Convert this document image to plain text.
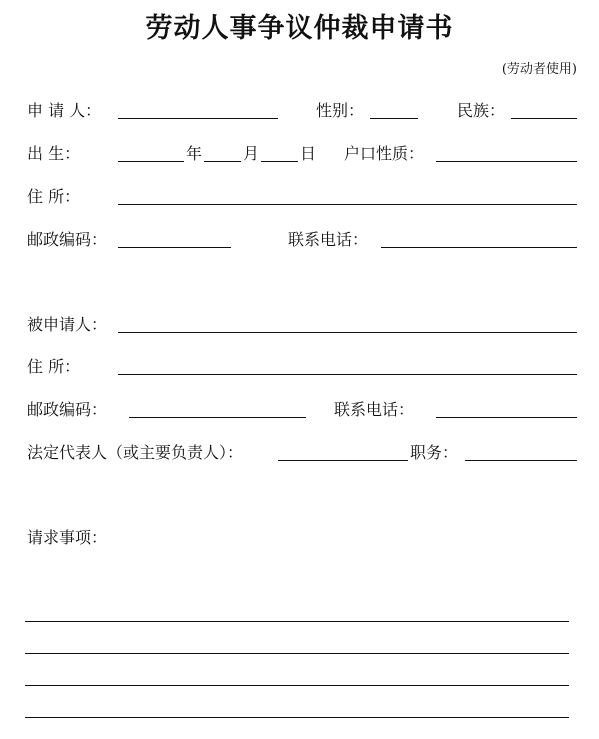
劳动人事争议仲裁申请书
(劳动者使用)
申 请 人：	性别：	民族：
出 生：	年	月	日 户口性质：
住 所：
邮政编码：	联系电话：
被申请人：
住 所：
邮政编码：	联系电话：
法定代表人（或主要负责人）：	职务：
请求事项：
